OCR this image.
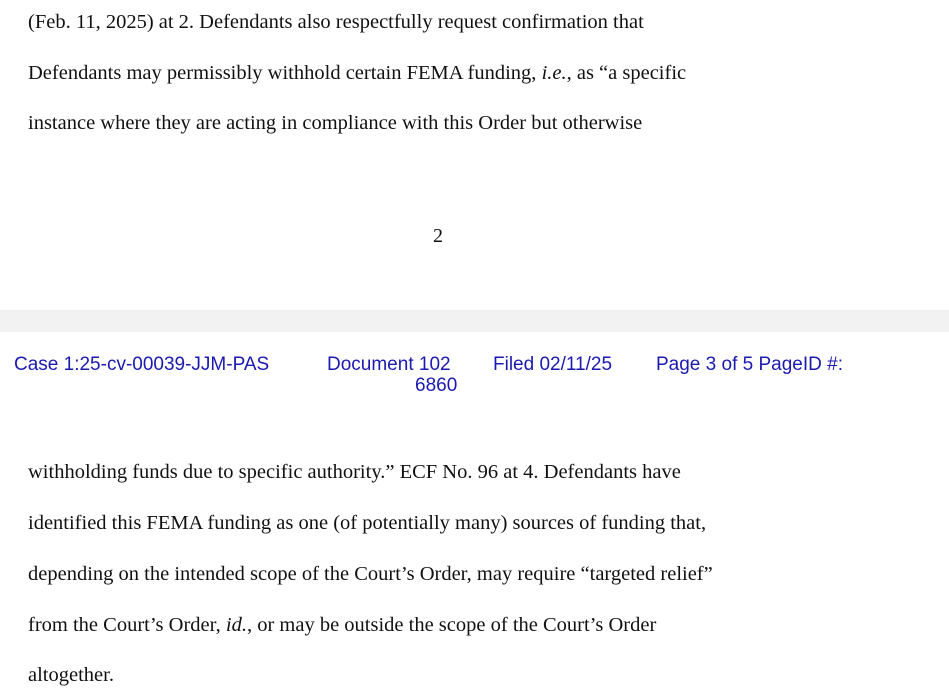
(Feb. 11, 2025) at 2. Defendants also respectfully request confirmation that
Defendants may permissibly withhold certain FEMA funding, i.e., as “a specific
instance where they are acting in compliance with this Order but otherwise
2
Case 1:25-cv-00039-JJM-PAS	Document 102 Filed 02/11/25 Page 3 of 5 PageID #:
6860
withholding funds due to specific authority.” ECF No. 96 at 4. Defendants have
identified this FEMA funding as one (of potentially many) sources of funding that,
depending on the intended scope of the Court’s Order, may require “targeted relief”
from the Court’s Order, id., or may be outside the scope of the Court’s Order
altogether.
